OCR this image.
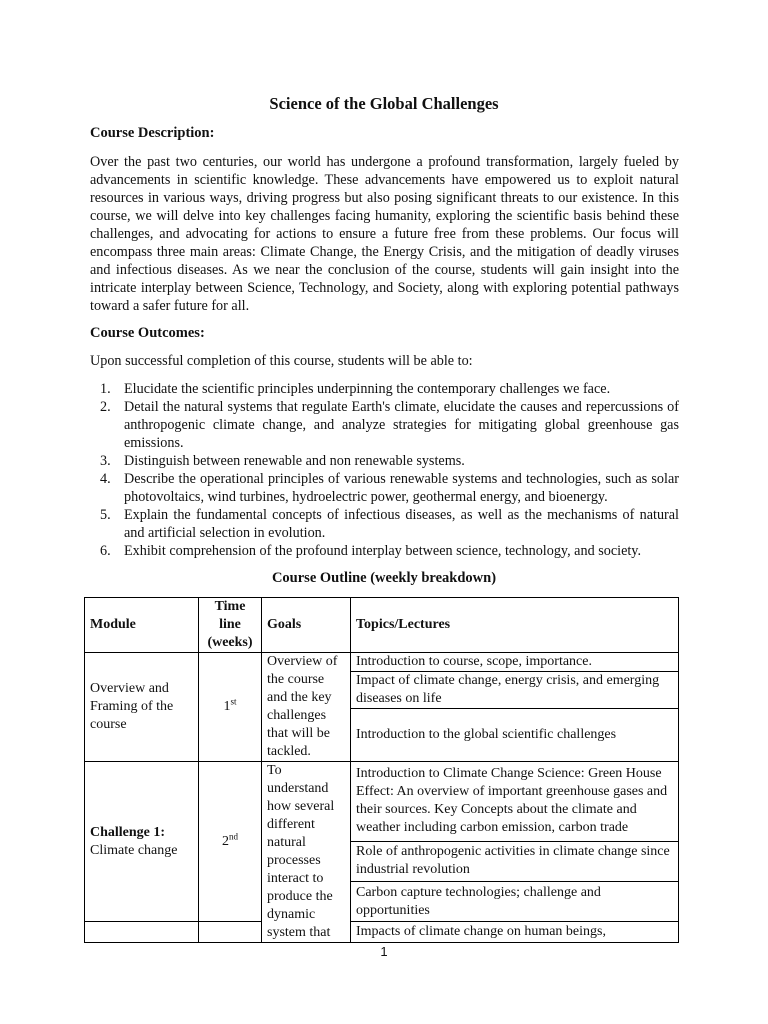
Science of the Global Challenges
Course Description:

Over the past two centuries, our world has undergone a profound transformation, largely fueled by advancements in scientific knowledge. These advancements have empowered us to exploit natural resources in various ways, driving progress but also posing significant threats to our existence. In this course, we will delve into key challenges facing humanity, exploring the scientific basis behind these challenges, and advocating for actions to ensure a future free from these problems. Our focus will encompass three main areas: Climate Change, the Energy Crisis, and the mitigation of deadly viruses and infectious diseases. As we near the conclusion of the course, students will gain insight into the intricate interplay between Science, Technology, and Society, along with exploring potential pathways toward a safer future for all.

Course Outcomes:

Upon successful completion of this course, students will be able to:

1. Elucidate the scientific principles underpinning the contemporary challenges we face.
2. Detail the natural systems that regulate Earth's climate, elucidate the causes and repercussions of anthropogenic climate change, and analyze strategies for mitigating global greenhouse gas emissions.
3. Distinguish between renewable and non renewable systems.
4. Describe the operational principles of various renewable systems and technologies, such as solar photovoltaics, wind turbines, hydroelectric power, geothermal energy, and bioenergy.
5. Explain the fundamental concepts of infectious diseases, as well as the mechanisms of natural and artificial selection in evolution.
6. Exhibit comprehension of the profound interplay between science, technology, and society.
Course Outline (weekly breakdown)
Module	Time line (weeks)	Goals	Topics/Lectures
Overview and Framing of the course	1st	Overview of the course and the key challenges that will be tackled.	Introduction to course, scope, importance.
			Impact of climate change, energy crisis, and emerging diseases on life
			Introduction to the global scientific challenges
Challenge 1:
Climate change	2nd	To understand how several different natural processes interact to produce the dynamic system that	Introduction to Climate Change Science: Green House Effect: An overview of important greenhouse gases and their sources. Key Concepts about the climate and weather including carbon emission, carbon trade
			Role of anthropogenic activities in climate change since industrial revolution
			Carbon capture technologies; challenge and opportunities
			Impacts of climate change on human beings,
1
